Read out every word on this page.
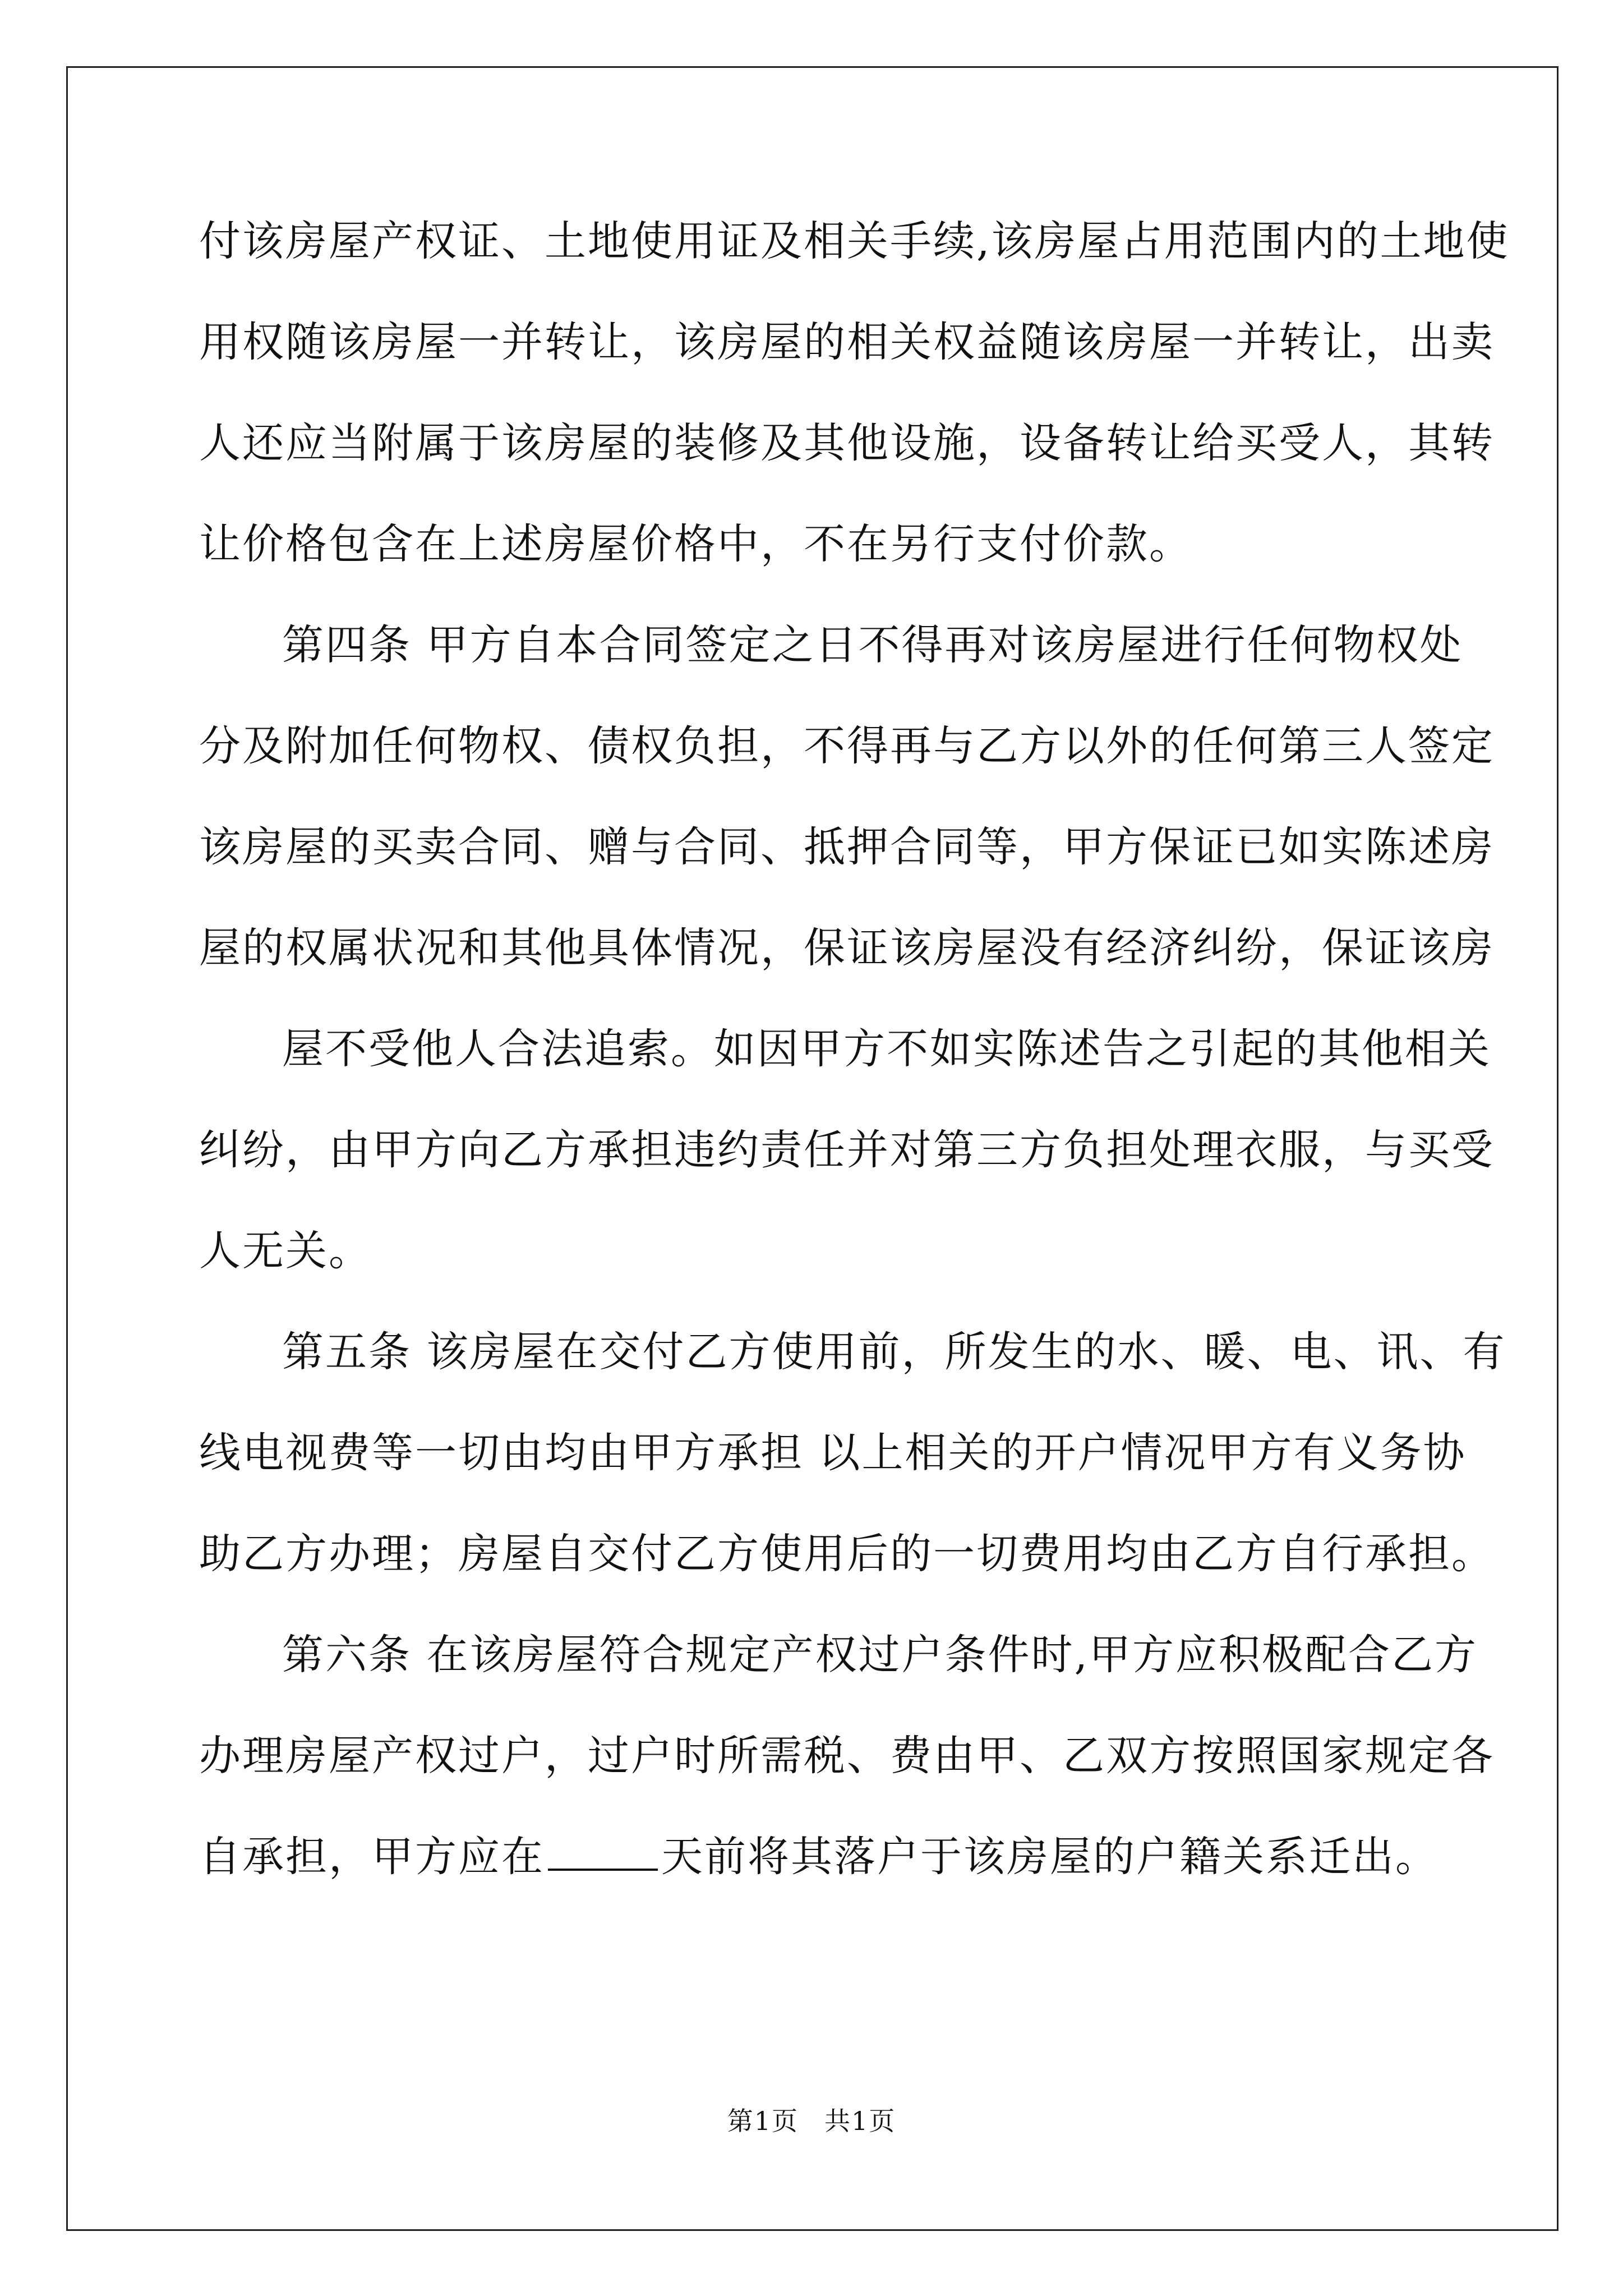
付该房屋产权证、土地使用证及相关手续,该房屋占用范围内的土地使
用权随该房屋一并转让，该房屋的相关权益随该房屋一并转让，出卖
人还应当附属于该房屋的装修及其他设施，设备转让给买受人，其转
让价格包含在上述房屋价格中，不在另行支付价款。
第四条 甲方自本合同签定之日不得再对该房屋进行任何物权处
分及附加任何物权、债权负担，不得再与乙方以外的任何第三人签定
该房屋的买卖合同、赠与合同、抵押合同等，甲方保证已如实陈述房
屋的权属状况和其他具体情况，保证该房屋没有经济纠纷，保证该房
屋不受他人合法追索。如因甲方不如实陈述告之引起的其他相关
纠纷，由甲方向乙方承担违约责任并对第三方负担处理衣服，与买受
人无关。
第五条 该房屋在交付乙方使用前，所发生的水、暖、电、讯、有
线电视费等一切由均由甲方承担 以上相关的开户情况甲方有义务协
助乙方办理；房屋自交付乙方使用后的一切费用均由乙方自行承担。
第六条 在该房屋符合规定产权过户条件时,甲方应积极配合乙方
办理房屋产权过户，过户时所需税、费由甲、乙双方按照国家规定各
自承担，甲方应在	天前将其落户于该房屋的户籍关系迁出。
第1页 共1页
